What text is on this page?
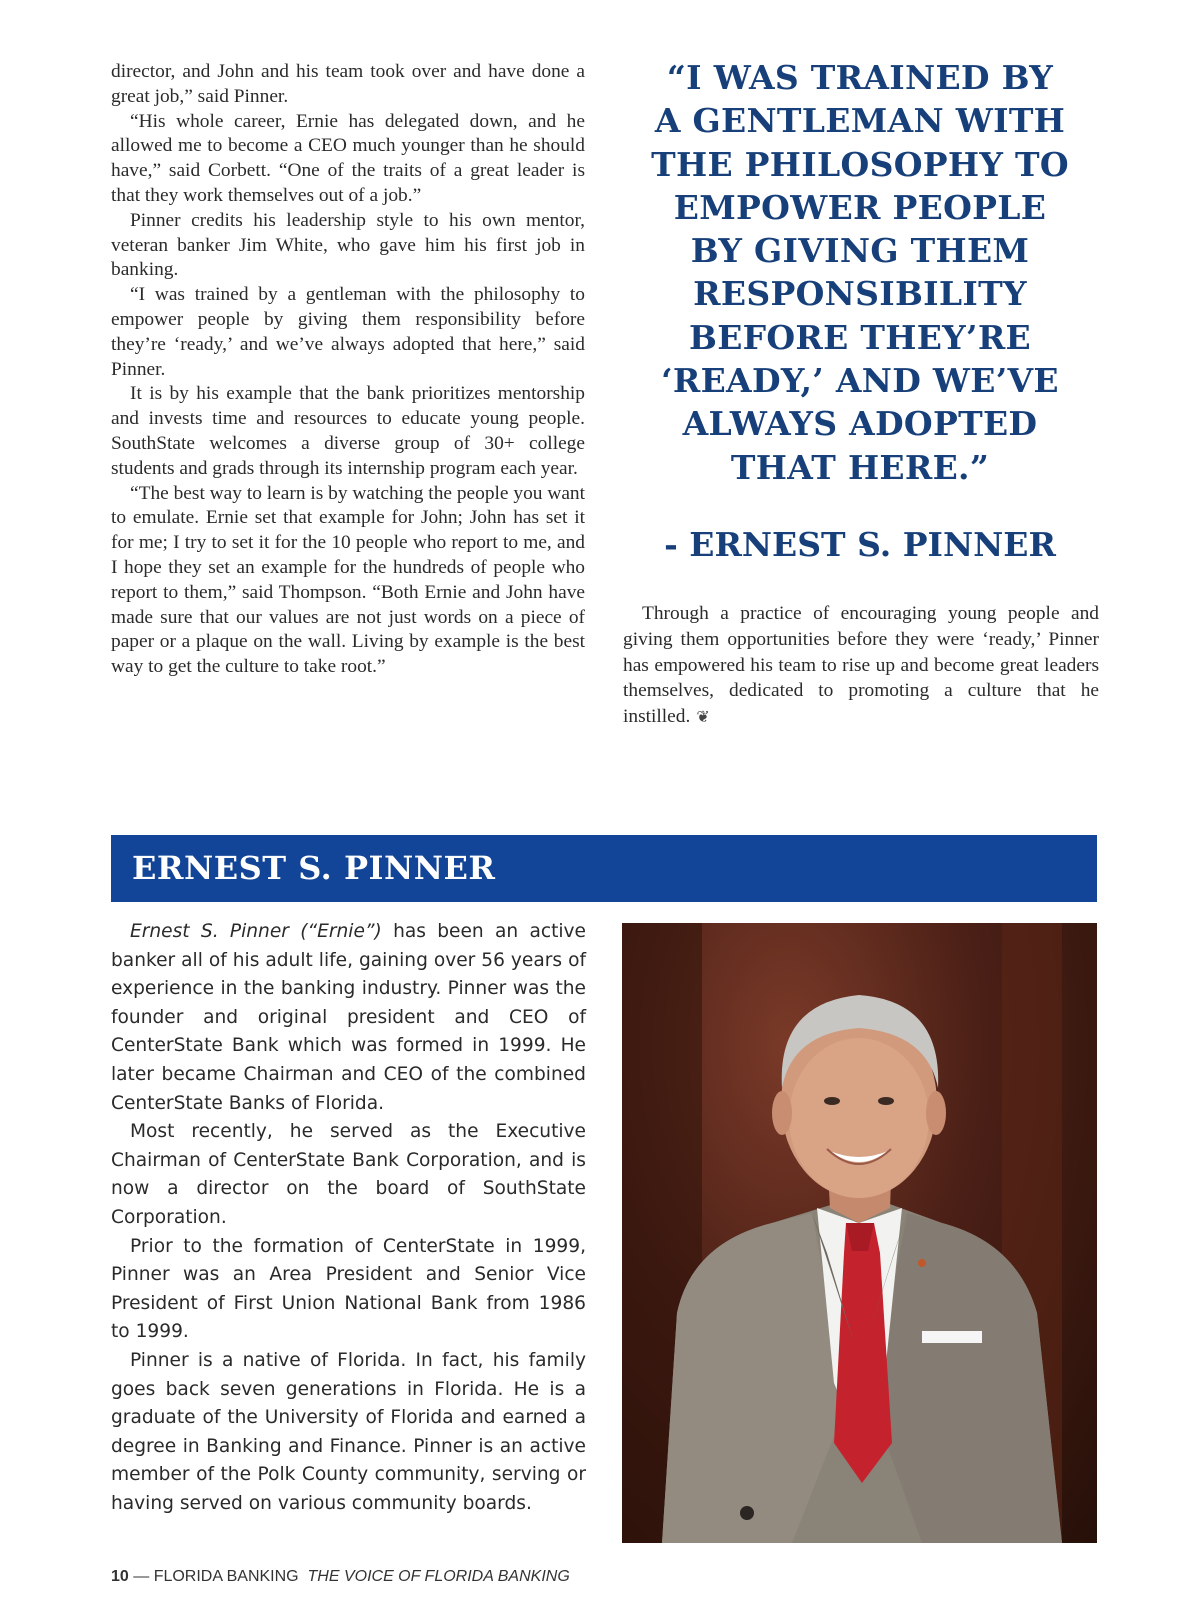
director, and John and his team took over and have done a great job,” said Pinner.

“His whole career, Ernie has delegated down, and he allowed me to become a CEO much younger than he should have,” said Corbett. “One of the traits of a great leader is that they work themselves out of a job.”

Pinner credits his leadership style to his own mentor, veteran banker Jim White, who gave him his first job in banking.

“I was trained by a gentleman with the philosophy to empower people by giving them responsibility before they’re ‘ready,’ and we’ve always adopted that here,” said Pinner.

It is by his example that the bank prioritizes mentorship and invests time and resources to educate young people. SouthState welcomes a diverse group of 30+ college students and grads through its internship program each year.

“The best way to learn is by watching the people you want to emulate. Ernie set that example for John; John has set it for me; I try to set it for the 10 people who report to me, and I hope they set an example for the hundreds of people who report to them,” said Thompson. “Both Ernie and John have made sure that our values are not just words on a piece of paper or a plaque on the wall. Living by example is the best way to get the culture to take root.”

“I WAS TRAINED BY
A GENTLEMAN WITH
THE PHILOSOPHY TO
EMPOWER PEOPLE
BY GIVING THEM
RESPONSIBILITY
BEFORE THEY’RE
‘READY,’ AND WE’VE
ALWAYS ADOPTED
THAT HERE.”
- ERNEST S. PINNER

Through a practice of encouraging young people and giving them opportunities before they were ‘ready,’ Pinner has empowered his team to rise up and become great leaders themselves, dedicated to promoting a culture that he instilled. ❦

ERNEST S. PINNER

Ernest S. Pinner (“Ernie”) has been an active banker all of his adult life, gaining over 56 years of experience in the banking industry. Pinner was the founder and original president and CEO of CenterState Bank which was formed in 1999. He later became Chairman and CEO of the combined CenterState Banks of Florida.

Most recently, he served as the Executive Chairman of CenterState Bank Corporation, and is now a director on the board of SouthState Corporation.

Prior to the formation of CenterState in 1999, Pinner was an Area President and Senior Vice President of First Union National Bank from 1986 to 1999.

Pinner is a native of Florida. In fact, his family goes back seven generations in Florida. He is a graduate of the University of Florida and earned a degree in Banking and Finance. Pinner is an active member of the Polk County community, serving or having served on various community boards.

10 — FLORIDA BANKING THE VOICE OF FLORIDA BANKING
